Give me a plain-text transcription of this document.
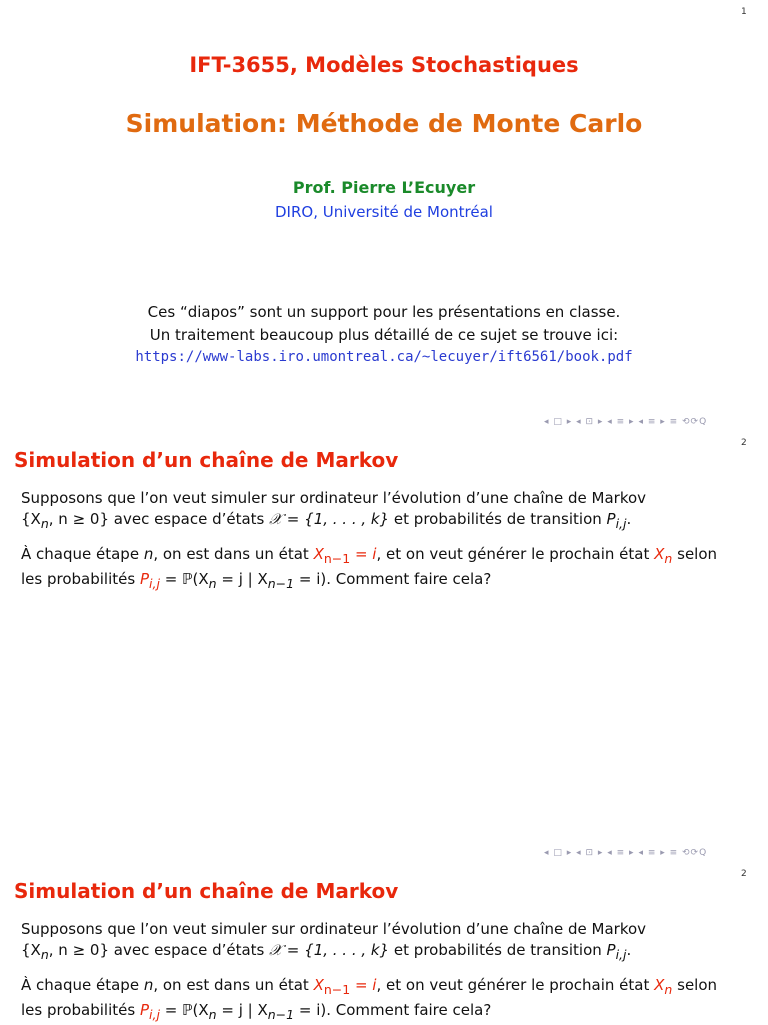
1
IFT-3655, Modèles Stochastiques
Simulation: Méthode de Monte Carlo
Prof. Pierre L’Ecuyer
DIRO, Université de Montréal
Ces “diapos” sont un support pour les présentations en classe.
Un traitement beaucoup plus détaillé de ce sujet se trouve ici:
https://www-labs.iro.umontreal.ca/~lecuyer/ift6561/book.pdf
◂ □ ▸ ◂ ⊡ ▸ ◂ ≡ ▸ ◂ ≡ ▸ ≡ ⟲⟳Q
2
Simulation d’un chaîne de Markov
Supposons que l’on veut simuler sur ordinateur l’évolution d’une chaîne de Markov
{$X_n$, n ≥ 0} avec espace d’états 𝒳 = {1, . . . , k} et probabilités de transition $P_{i,j}$.
À chaque étape n, on est dans un état $X_{n-1} = i$, et on veut générer le prochain état $X_n$ selon
les probabilités $P_{i,j}$ = $ℙ(X_n = j$ | $X_{n-1} = i$). Comment faire cela?
◂ □ ▸ ◂ ⊡ ▸ ◂ ≡ ▸ ◂ ≡ ▸ ≡ ⟲⟳Q
2
Simulation d’un chaîne de Markov
Supposons que l’on veut simuler sur ordinateur l’évolution d’une chaîne de Markov
{$X_n$, n ≥ 0} avec espace d’états 𝒳 = {1, . . . , k} et probabilités de transition $P_{i,j}$.
À chaque étape n, on est dans un état $X_{n-1} = i$, et on veut générer le prochain état $X_n$ selon
les probabilités $P_{i,j}$ = $ℙ(X_n = j$ | $X_{n-1} = i$). Comment faire cela?
